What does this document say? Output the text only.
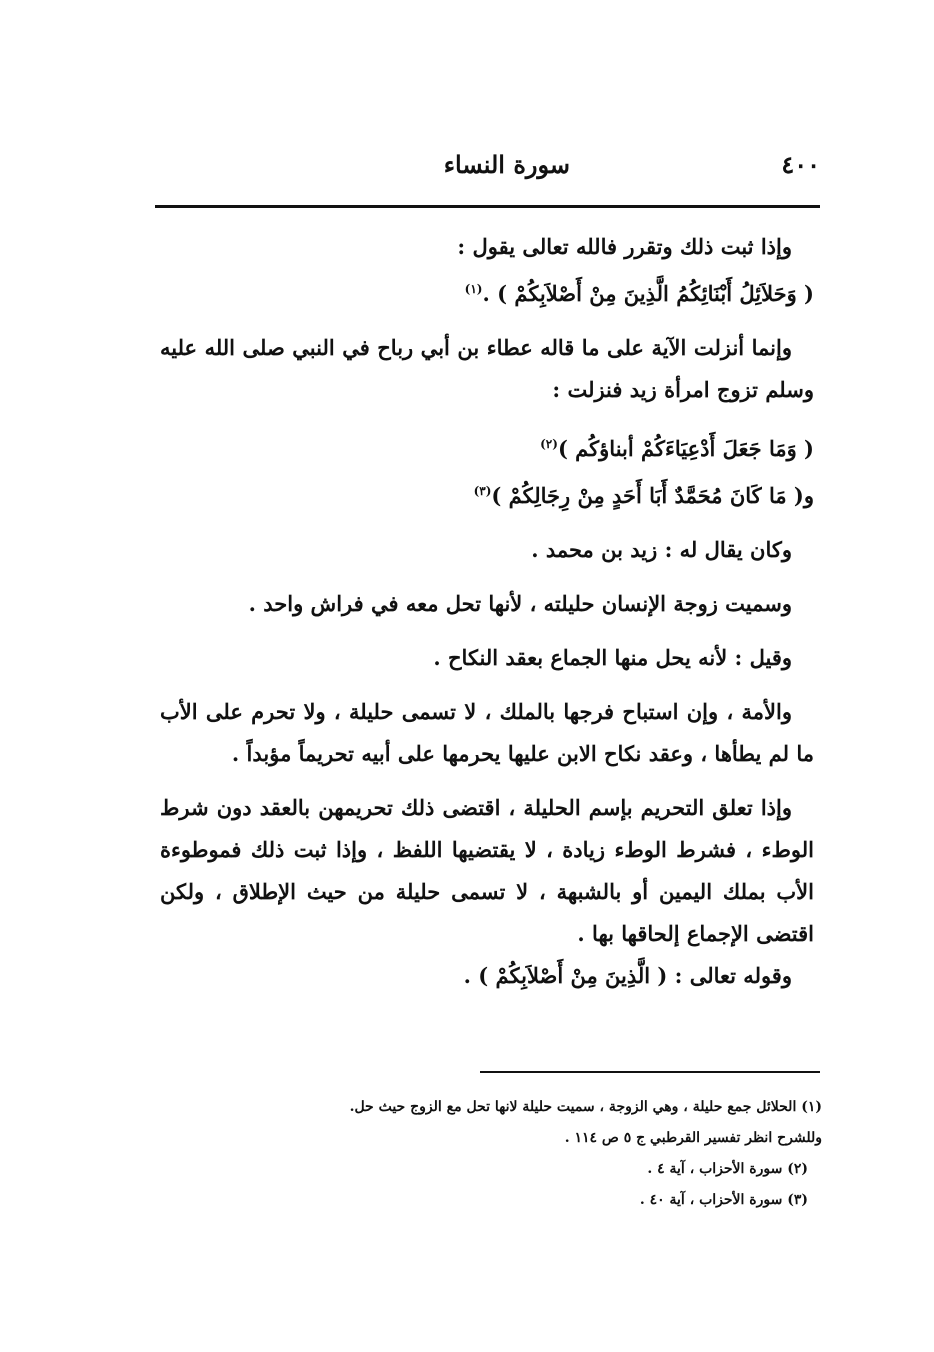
٤٠٠
سورة النساء

وإذا ثبت ذلك وتقرر فالله تعالى يقول :

( وَحَلاَئِلُ أَبْنَائِكُمُ الَّذِينَ مِنْ أَصْلاَبِكُمْ ) .$^{(١)}$

وإنما أنزلت الآية على ما قاله عطاء بن أبي رباح في النبي صلى الله عليه وسلم تزوج امرأة زيد فنزلت :

( وَمَا جَعَلَ أَدْعِيَاءَكُمْ أبناؤكُم )$^{(٢)}$

و( مَا كَانَ مُحَمَّدٌ أَبَا أَحَدٍ مِنْ رِجَالِكُمْ )$^{(٣)}$

وكان يقال له : زيد بن محمد .

وسميت زوجة الإنسان حليلته ، لأنها تحل معه في فراش واحد .

وقيل : لأنه يحل منها الجماع بعقد النكاح .

والأمة ، وإن استباح فرجها بالملك ، لا تسمى حليلة ، ولا تحرم على الأب ما لم يطأها ، وعقد نكاح الابن عليها يحرمها على أبيه تحريماً مؤبداً .

وإذا تعلق التحريم بإسم الحليلة ، اقتضى ذلك تحريمهن بالعقد دون شرط الوطء ، فشرط الوطء زيادة ، لا يقتضيها اللفظ ، وإذا ثبت ذلك فموطوءة الأب بملك اليمين أو بالشبهة ، لا تسمى حليلة من حيث الإطلاق ، ولكن اقتضى الإجماع إلحاقها بها .

وقوله تعالى : ( الَّذِينَ مِنْ أَصْلاَبِكُمْ ) .

(١) الحلائل جمع حليلة ، وهي الزوجة ، سميت حليلة لانها تحل مع الزوج حيث حل.
وللشرح انظر تفسير القرطبي ج ٥ ص ١١٤ .
(٢) سورة الأحزاب ، آية ٤ .
(٣) سورة الأحزاب ، آية ٤٠ .
